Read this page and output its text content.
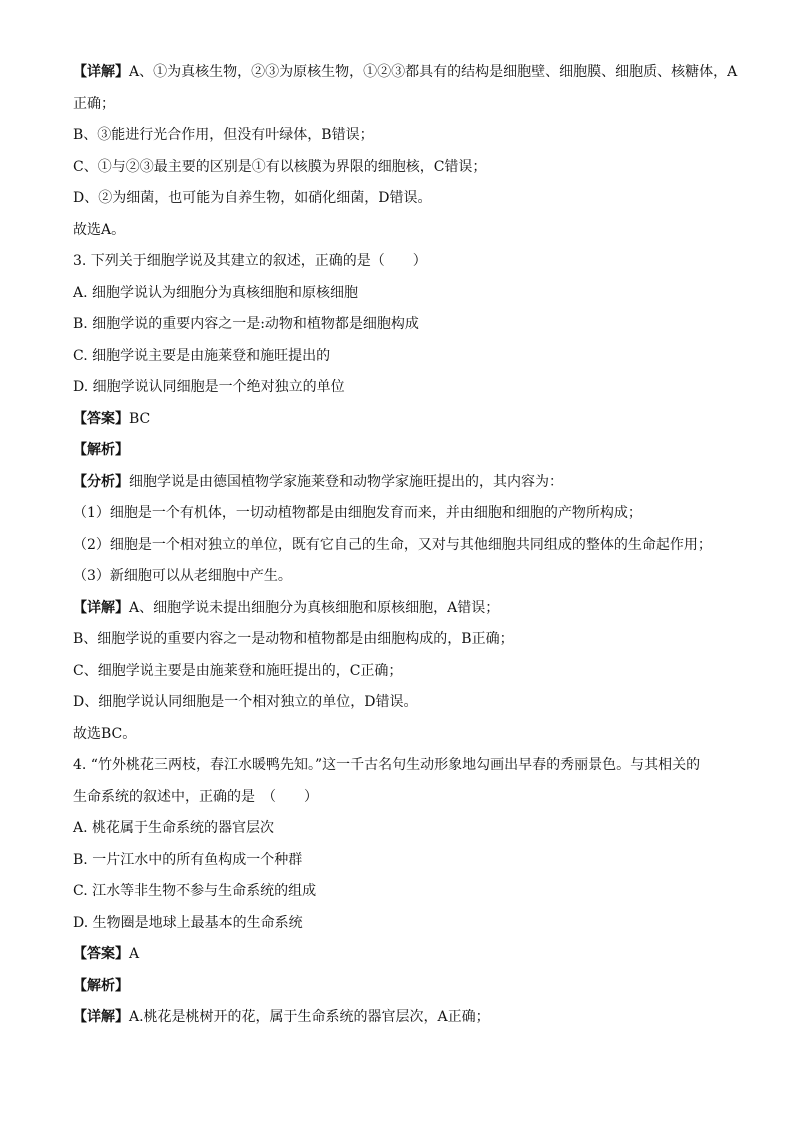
【详解】A、①为真核生物，②③为原核生物，①②③都具有的结构是细胞壁、细胞膜、细胞质、核糖体，A
正确；
B、③能进行光合作用，但没有叶绿体，B错误；
C、①与②③最主要的区别是①有以核膜为界限的细胞核，C错误；
D、②为细菌，也可能为自养生物，如硝化细菌，D错误。
故选A。
3. 下列关于细胞学说及其建立的叙述，正确的是（　　）
A. 细胞学说认为细胞分为真核细胞和原核细胞
B. 细胞学说的重要内容之一是:动物和植物都是细胞构成
C. 细胞学说主要是由施莱登和施旺提出的
D. 细胞学说认同细胞是一个绝对独立的单位
【答案】BC
【解析】
【分析】细胞学说是由德国植物学家施莱登和动物学家施旺提出的，其内容为：
（1）细胞是一个有机体，一切动植物都是由细胞发育而来，并由细胞和细胞的产物所构成；
（2）细胞是一个相对独立的单位，既有它自己的生命，又对与其他细胞共同组成的整体的生命起作用；
（3）新细胞可以从老细胞中产生。
【详解】A、细胞学说未提出细胞分为真核细胞和原核细胞，A错误；
B、细胞学说的重要内容之一是动物和植物都是由细胞构成的，B正确；
C、细胞学说主要是由施莱登和施旺提出的，C正确；
D、细胞学说认同细胞是一个相对独立的单位，D错误。
故选BC。
4. “竹外桃花三两枝，春江水暖鸭先知。”这一千古名句生动形象地勾画出早春的秀丽景色。与其相关的
生命系统的叙述中，正确的是　（　　）
A. 桃花属于生命系统的器官层次
B. 一片江水中的所有鱼构成一个种群
C. 江水等非生物不参与生命系统的组成
D. 生物圈是地球上最基本的生命系统
【答案】A
【解析】
【详解】A.桃花是桃树开的花，属于生命系统的器官层次，A正确；
